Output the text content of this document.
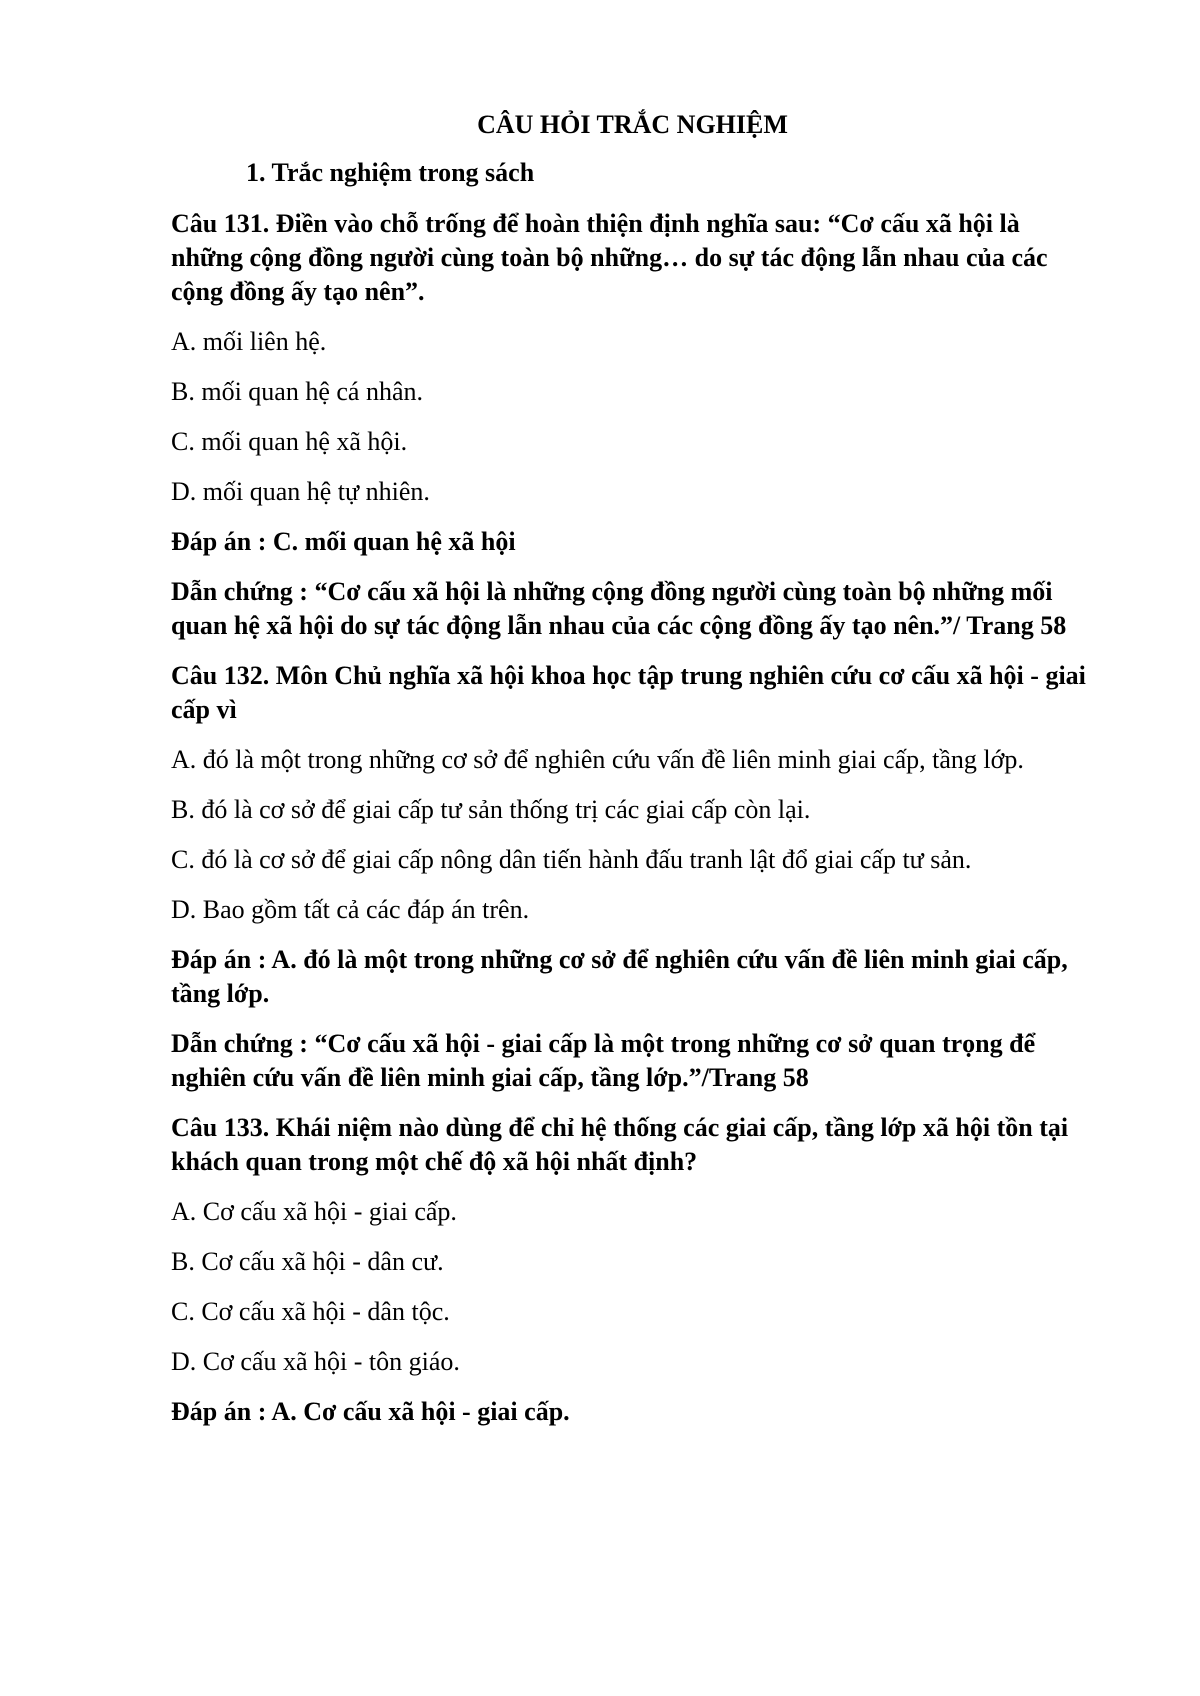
CÂU HỎI TRẮC NGHIỆM
1. Trắc nghiệm trong sách
Câu 131. Điền vào chỗ trống để hoàn thiện định nghĩa sau: “Cơ cấu xã hội là những cộng đồng người cùng toàn bộ những… do sự tác động lẫn nhau của các cộng đồng ấy tạo nên”.
A. mối liên hệ.
B. mối quan hệ cá nhân.
C. mối quan hệ xã hội.
D. mối quan hệ tự nhiên.
Đáp án : C. mối quan hệ xã hội
Dẫn chứng : “Cơ cấu xã hội là những cộng đồng người cùng toàn bộ những mối quan hệ xã hội do sự tác động lẫn nhau của các cộng đồng ấy tạo nên.”/ Trang 58
Câu 132. Môn Chủ nghĩa xã hội khoa học tập trung nghiên cứu cơ cấu xã hội - giai cấp vì
A. đó là một trong những cơ sở để nghiên cứu vấn đề liên minh giai cấp, tầng lớp.
B. đó là cơ sở để giai cấp tư sản thống trị các giai cấp còn lại.
C. đó là cơ sở để giai cấp nông dân tiến hành đấu tranh lật đổ giai cấp tư sản.
D. Bao gồm tất cả các đáp án trên.
Đáp án : A. đó là một trong những cơ sở để nghiên cứu vấn đề liên minh giai cấp, tầng lớp.
Dẫn chứng : “Cơ cấu xã hội - giai cấp là một trong những cơ sở quan trọng để nghiên cứu vấn đề liên minh giai cấp, tầng lớp.”/Trang 58
Câu 133. Khái niệm nào dùng để chỉ hệ thống các giai cấp, tầng lớp xã hội tồn tại khách quan trong một chế độ xã hội nhất định?
A. Cơ cấu xã hội - giai cấp.
B. Cơ cấu xã hội - dân cư.
C. Cơ cấu xã hội - dân tộc.
D. Cơ cấu xã hội - tôn giáo.
Đáp án : A. Cơ cấu xã hội - giai cấp.
